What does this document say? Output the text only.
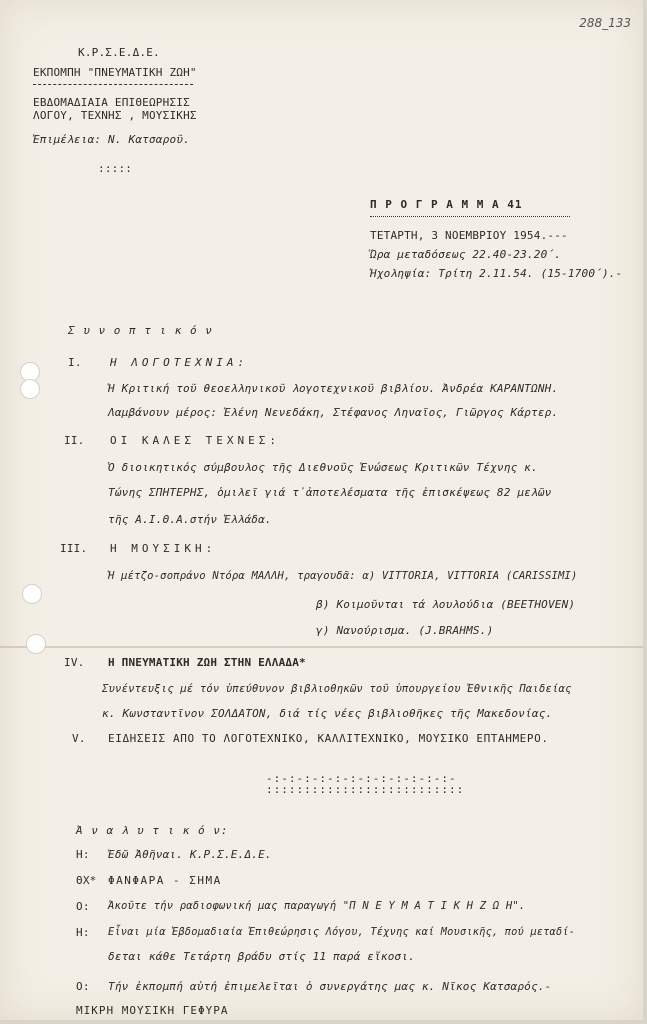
288_133
Κ.Ρ.Σ.Ε.Δ.Ε.
ΕΚΠΟΜΠΗ "ΠΝΕΥΜΑΤΙΚΗ ΖΩΗ"
ΕΒΔΟΜΑΔΙΑΙΑ ΕΠΙΘΕΩΡΗΣΙΣ
ΛΟΓΟΥ, ΤΕΧΝΗΣ , ΜΟΥΣΙΚΗΣ
Ἐπιμέλεια: Ν. Κατσαροῦ.
:::::
Π Ρ Ο Γ Ρ Α Μ Μ Α 41
ΤΕΤΑΡΤΗ, 3 ΝΟΕΜΒΡΙΟΥ 1954.---
Ὥρα μεταδόσεως 22.40-23.20΄.
Ἠχοληψία: Τρίτη 2.11.54. (15-1700΄).-
Σ υ ν ο π τ ι κ ό ν
Ι.	Η ΛΟΓΟΤΕΧΝΙΑ:
Ἡ Κριτική τοῦ θεοελληνικοῦ λογοτεχνικοῦ βιβλίου. Ἀνδρέα ΚΑΡΑΝΤΩΝΗ.
Λαμβάνουν μέρος: Ἐλένη Νενεδάκη, Στέφανος Ληναῖος, Γιῶργος Κάρτερ.
ΙΙ. ΟΙ ΚΑΛΕΣ ΤΕΧΝΕΣ:
Ὁ διοικητικός σύμβουλος τῆς Διεθνοῦς Ἑνώσεως Κριτικῶν Τέχνης κ.
Τώνης ΣΠΗΤΕΡΗΣ, ὁμιλεῖ γιά τ᾽ἀποτελέσματα τῆς ἐπισκέψεως 82 μελῶν
τῆς Α.Ι.Θ.Α.στήν Ἑλλάδα.
ΙΙΙ. Η ΜΟΥΣΙΚΗ:
Ἡ μέτζο-σοπράνο Ντόρα ΜΑΛΛΗ, τραγουδᾶ: α) VITTORIA, VITTORIA (CARISSIMI)
β) Κοιμοῦνται τά λουλούδια (BEETHOVEN)
γ) Νανούρισμα. (J.BRAHMS.)
IV. Η ΠΝΕΥΜΑΤΙΚΗ ΖΩΗ ΣΤΗΝ ΕΛΛΑΔΑ*
Συνέντευξις μέ τόν ὑπεύθυνον βιβλιοθηκῶν τοῦ ὑπουργείου Ἐθνικῆς Παιδείας
κ. Κωνσταντῖνον ΣΟΛΔΑΤΟΝ, διά τίς νέες βιβλιοθῆκες τῆς Μακεδονίας.
V. ΕΙΔΗΣΕΙΣ ΑΠΟ ΤΟ ΛΟΓΟΤΕΧΝΙΚΟ, ΚΑΛΛΙΤΕΧΝΙΚΟ, ΜΟΥΣΙΚΟ ΕΠΤΑΗΜΕΡΟ.
-:-:-:-:-:-:-:-:-:-:-:-:-
::::::::::::::::::::::::::
Ἀ ν α λ υ τ ι κ ό ν:
Η: Ἐδῶ Ἀθῆναι. Κ.Ρ.Σ.Ε.Δ.Ε.
ΘΧ* ΦΑΝΦΑΡΑ - ΣΗΜΑ
Ο: Ἀκοῦτε τήν ραδιοφωνική μας παραγωγή "Π Ν Ε Υ Μ Α Τ Ι Κ Η Ζ Ω Η".
Η: Εἶναι μία Ἑβδομαδιαία Ἐπιθεώρησις Λόγου, Τέχνης καί Μουσικῆς, πού μεταδί-
δεται κάθε Τετάρτη βράδυ στίς 11 παρά εἴκοσι.
Ο: Τήν ἐκπομπή αὐτή ἐπιμελεῖται ὁ συνεργάτης μας κ. Νῖκος Κατσαρός.-
ΜΙΚΡΗ ΜΟΥΣΙΚΗ ΓΕΦΥΡΑ
